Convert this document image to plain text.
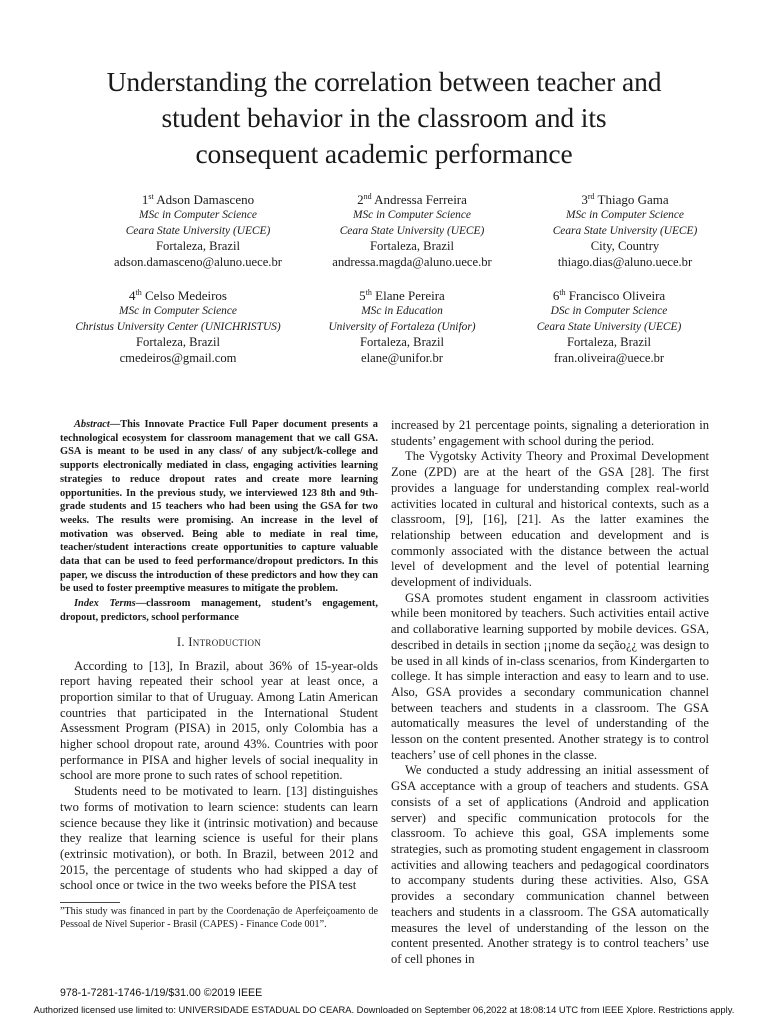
Understanding the correlation between teacher and
student behavior in the classroom and its
consequent academic performance
1st Adson Damasceno
MSc in Computer Science
Ceara State University (UECE)
Fortaleza, Brazil
adson.damasceno@aluno.uece.br
2nd Andressa Ferreira
MSc in Computer Science
Ceara State University (UECE)
Fortaleza, Brazil
andressa.magda@aluno.uece.br
3rd Thiago Gama
MSc in Computer Science
Ceara State University (UECE)
City, Country
thiago.dias@aluno.uece.br
4th Celso Medeiros
MSc in Computer Science
Christus University Center (UNICHRISTUS)
Fortaleza, Brazil
cmedeiros@gmail.com
5th Elane Pereira
MSc in Education
University of Fortaleza (Unifor)
Fortaleza, Brazil
elane@unifor.br
6th Francisco Oliveira
DSc in Computer Science
Ceara State University (UECE)
Fortaleza, Brazil
fran.oliveira@uece.br

Abstract—This Innovate Practice Full Paper document presents a technological ecosystem for classroom management that we call GSA. GSA is meant to be used in any class/ of any subject/k-college and supports electronically mediated in class, engaging activities learning strategies to reduce dropout rates and create more learning opportunities. In the previous study, we interviewed 123 8th and 9th-grade students and 15 teachers who had been using the GSA for two weeks. The results were promising. An increase in the level of motivation was observed. Being able to mediate in real time, teacher/student interactions create opportunities to capture valuable data that can be used to feed performance/dropout predictors. In this paper, we discuss the introduction of these predictors and how they can be used to foster preemptive measures to mitigate the problem.

Index Terms—classroom management, student’s engagement, dropout, predictors, school performance

I. Introduction

According to [13], In Brazil, about 36% of 15-year-olds report having repeated their school year at least once, a proportion similar to that of Uruguay. Among Latin American countries that participated in the International Student Assessment Program (PISA) in 2015, only Colombia has a higher school dropout rate, around 43%. Countries with poor performance in PISA and higher levels of social inequality in school are more prone to such rates of school repetition.

Students need to be motivated to learn. [13] distinguishes two forms of motivation to learn science: students can learn science because they like it (intrinsic motivation) and because they realize that learning science is useful for their plans (extrinsic motivation), or both. In Brazil, between 2012 and 2015, the percentage of students who had skipped a day of school once or twice in the two weeks before the PISA test

increased by 21 percentage points, signaling a deterioration in students’ engagement with school during the period.

The Vygotsky Activity Theory and Proximal Development Zone (ZPD) are at the heart of the GSA [28]. The first provides a language for understanding complex real-world activities located in cultural and historical contexts, such as a classroom, [9], [16], [21]. As the latter examines the relationship between education and development and is commonly associated with the distance between the actual level of development and the level of potential learning development of individuals.

GSA promotes student engament in classroom activities while been monitored by teachers. Such activities entail active and collaborative learning supported by mobile devices. GSA, described in details in section ¡¡nome da seção¿¿ was design to be used in all kinds of in-class scenarios, from Kindergarten to college. It has simple interaction and easy to learn and to use. Also, GSA provides a secondary communication channel between teachers and students in a classroom. The GSA automatically measures the level of understanding of the lesson on the content presented. Another strategy is to control teachers’ use of cell phones in the classe.

We conducted a study addressing an initial assessment of GSA acceptance with a group of teachers and students. GSA consists of a set of applications (Android and application server) and specific communication protocols for the classroom. To achieve this goal, GSA implements some strategies, such as promoting student engagement in classroom activities and allowing teachers and pedagogical coordinators to accompany students during these activities. Also, GSA provides a secondary communication channel between teachers and students in a classroom. The GSA automatically measures the level of understanding of the lesson on the content presented. Another strategy is to control teachers’ use of cell phones in

”This study was financed in part by the Coordenação de Aperfeiçoamento de Pessoal de Nível Superior - Brasil (CAPES) - Finance Code 001”.
978-1-7281-1746-1/19/$31.00 ©2019 IEEE
Authorized licensed use limited to: UNIVERSIDADE ESTADUAL DO CEARA. Downloaded on September 06,2022 at 18:08:14 UTC from IEEE Xplore. Restrictions apply.
